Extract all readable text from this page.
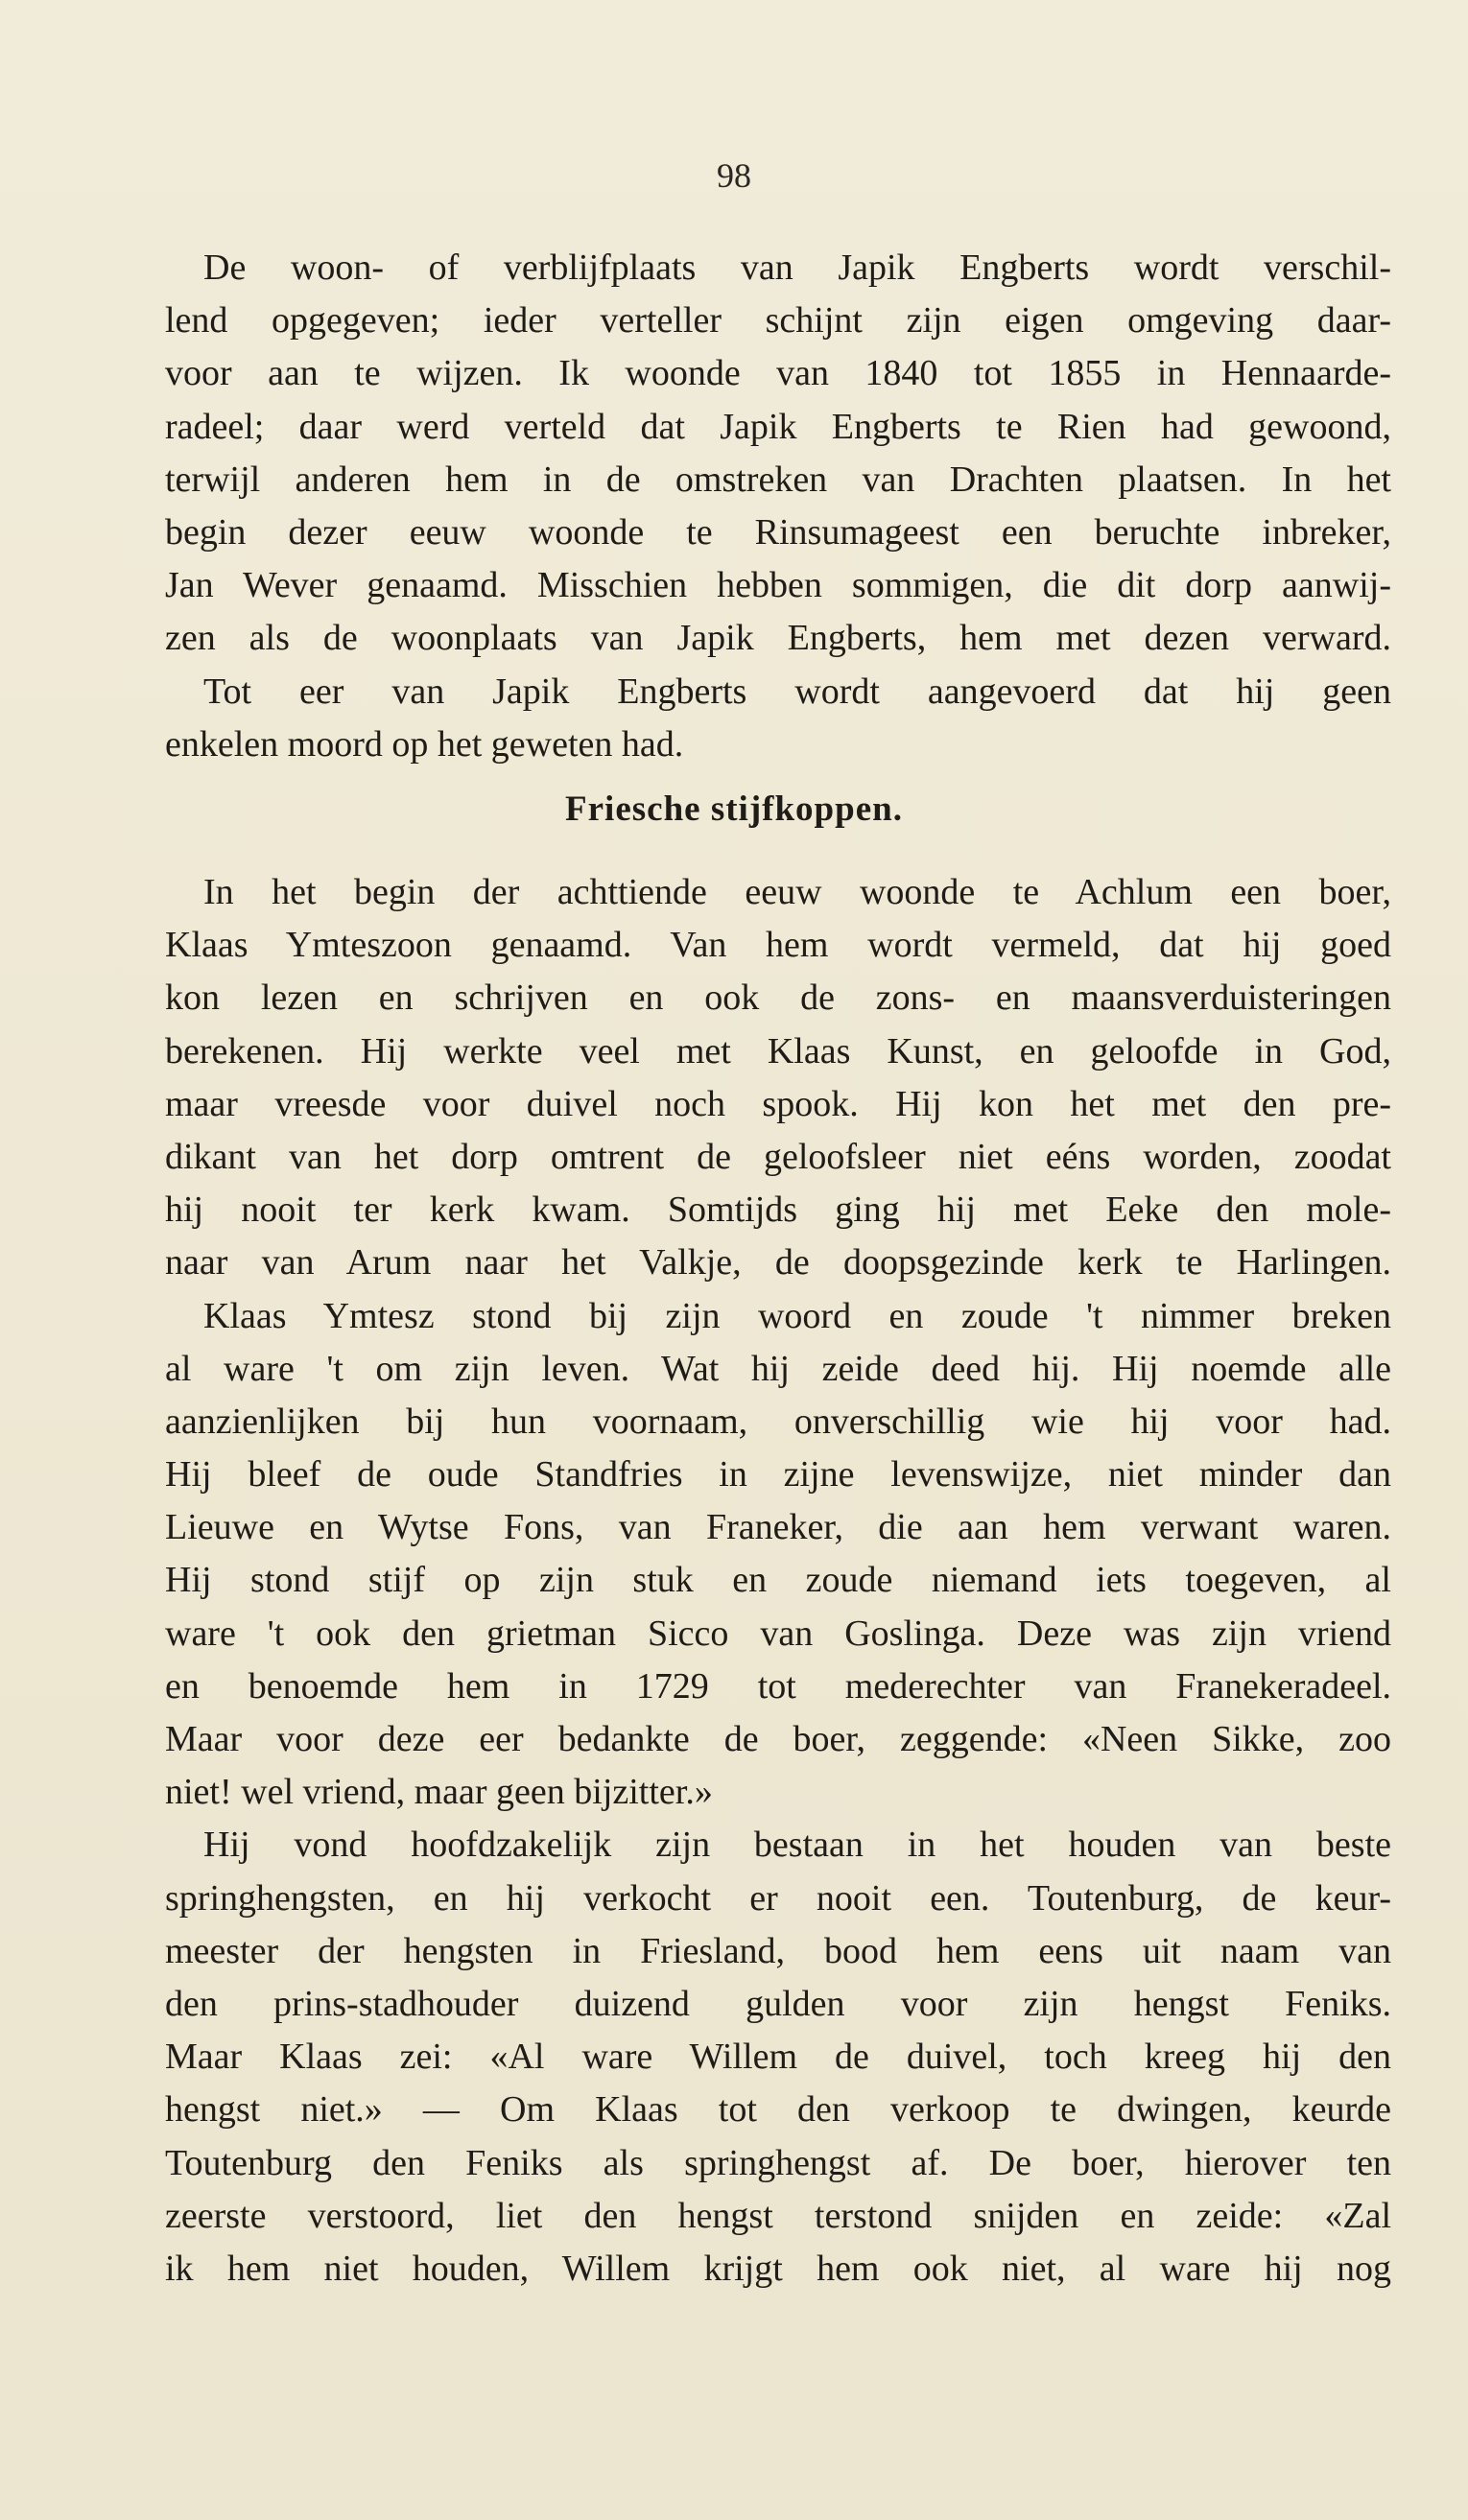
98
De woon- of verblijfplaats van Japik Engberts wordt verschil-
lend opgegeven; ieder verteller schijnt zijn eigen omgeving daar-
voor aan te wijzen. Ik woonde van 1840 tot 1855 in Hennaarde-
radeel; daar werd verteld dat Japik Engberts te Rien had gewoond,
terwijl anderen hem in de omstreken van Drachten plaatsen. In het
begin dezer eeuw woonde te Rinsumageest een beruchte inbreker,
Jan Wever genaamd. Misschien hebben sommigen, die dit dorp aanwij-
zen als de woonplaats van Japik Engberts, hem met dezen verward.
Tot eer van Japik Engberts wordt aangevoerd dat hij geen
enkelen moord op het geweten had.
Friesche stijfkoppen.
In het begin der achttiende eeuw woonde te Achlum een boer,
Klaas Ymteszoon genaamd. Van hem wordt vermeld, dat hij goed
kon lezen en schrijven en ook de zons- en maansverduisteringen
berekenen. Hij werkte veel met Klaas Kunst, en geloofde in God,
maar vreesde voor duivel noch spook. Hij kon het met den pre-
dikant van het dorp omtrent de geloofsleer niet eéns worden, zoodat
hij nooit ter kerk kwam. Somtijds ging hij met Eeke den mole-
naar van Arum naar het Valkje, de doopsgezinde kerk te Harlingen.
Klaas Ymtesz stond bij zijn woord en zoude 't nimmer breken
al ware 't om zijn leven. Wat hij zeide deed hij. Hij noemde alle
aanzienlijken bij hun voornaam, onverschillig wie hij voor had.
Hij bleef de oude Standfries in zijne levenswijze, niet minder dan
Lieuwe en Wytse Fons, van Franeker, die aan hem verwant waren.
Hij stond stijf op zijn stuk en zoude niemand iets toegeven, al
ware 't ook den grietman Sicco van Goslinga. Deze was zijn vriend
en benoemde hem in 1729 tot mederechter van Franekeradeel.
Maar voor deze eer bedankte de boer, zeggende: «Neen Sikke, zoo
niet! wel vriend, maar geen bijzitter.»
Hij vond hoofdzakelijk zijn bestaan in het houden van beste
springhengsten, en hij verkocht er nooit een. Toutenburg, de keur-
meester der hengsten in Friesland, bood hem eens uit naam van
den prins-stadhouder duizend gulden voor zijn hengst Feniks.
Maar Klaas zei: «Al ware Willem de duivel, toch kreeg hij den
hengst niet.» — Om Klaas tot den verkoop te dwingen, keurde
Toutenburg den Feniks als springhengst af. De boer, hierover ten
zeerste verstoord, liet den hengst terstond snijden en zeide: «Zal
ik hem niet houden, Willem krijgt hem ook niet, al ware hij nog
